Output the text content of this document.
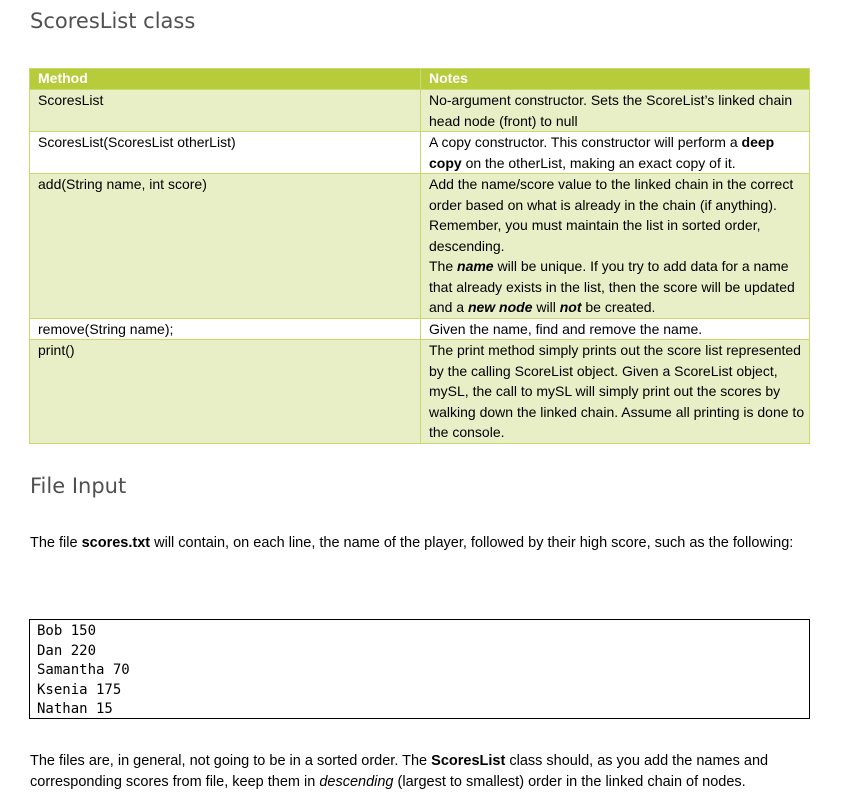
ScoresList class
Method	Notes
ScoresList	No-argument constructor. Sets the ScoreList’s linked chain head node (front) to null
ScoresList(ScoresList otherList)	A copy constructor. This constructor will perform a deep copy on the otherList, making an exact copy of it.
add(String name, int score)	Add the name/score value to the linked chain in the correct order based on what is already in the chain (if anything). Remember, you must maintain the list in sorted order, descending.
The name will be unique. If you try to add data for a name that already exists in the list, then the score will be updated and a new node will not be created.
remove(String name);	Given the name, find and remove the name.
print()	The print method simply prints out the score list represented by the calling ScoreList object. Given a ScoreList object, mySL, the call to mySL will simply print out the scores by walking down the linked chain. Assume all printing is done to the console.
File Input

The file scores.txt will contain, on each line, the name of the player, followed by their high score, such as the following:

Bob 150
Dan 220
Samantha 70
Ksenia 175
Nathan 15

The files are, in general, not going to be in a sorted order. The ScoresList class should, as you add the names and corresponding scores from file, keep them in descending (largest to smallest) order in the linked chain of nodes.
